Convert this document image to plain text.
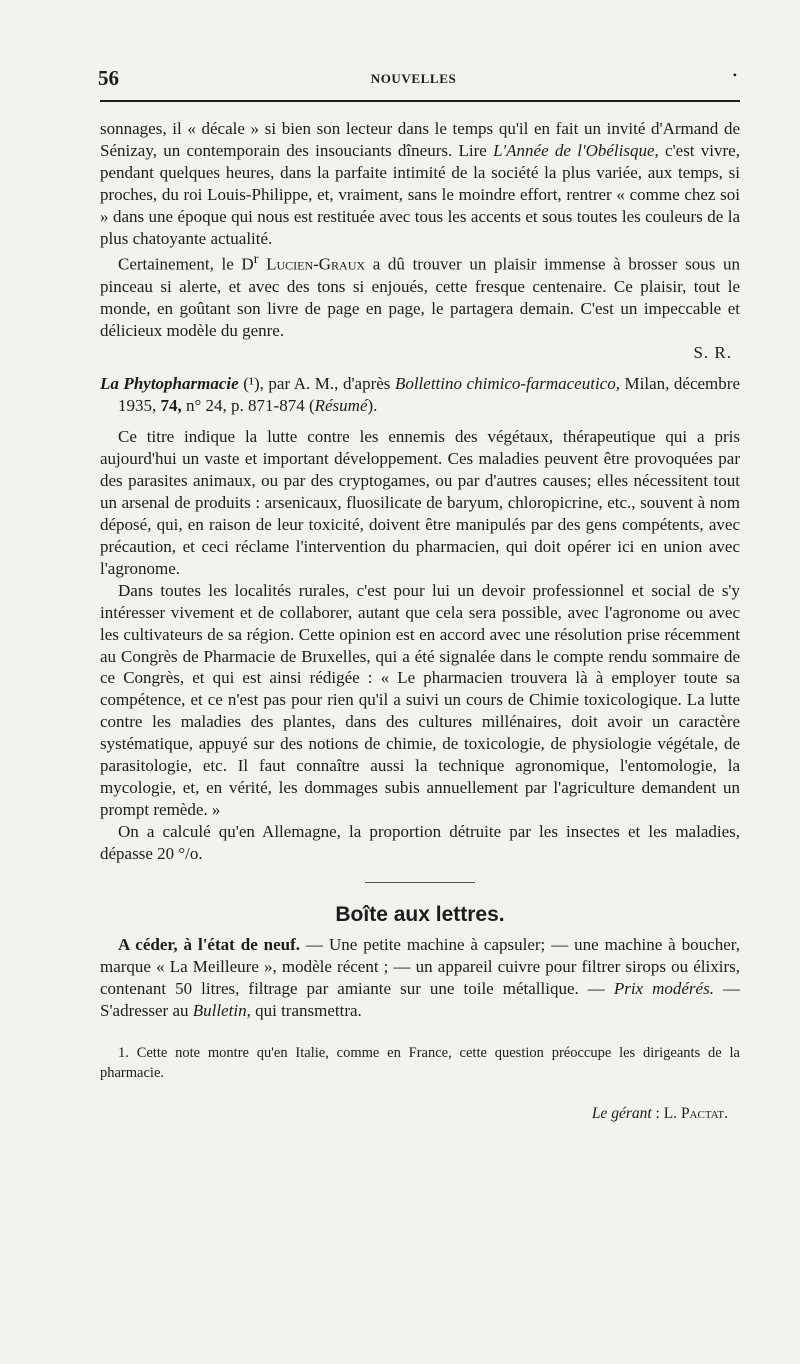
56	NOUVELLES	•

sonnages, il « décale » si bien son lecteur dans le temps qu'il en fait un invité d'Armand de Sénizay, un contemporain des insouciants dîneurs. Lire L'Année de l'Obélisque, c'est vivre, pendant quelques heures, dans la parfaite intimité de la société la plus variée, aux temps, si proches, du roi Louis-Philippe, et, vraiment, sans le moindre effort, rentrer « comme chez soi » dans une époque qui nous est restituée avec tous les accents et sous toutes les couleurs de la plus chatoyante actualité.

Certainement, le $D^r$ Lucien-Graux a dû trouver un plaisir immense à brosser sous un pinceau si alerte, et avec des tons si enjoués, cette fresque centenaire. Ce plaisir, tout le monde, en goûtant son livre de page en page, le partagera demain. C'est un impeccable et délicieux modèle du genre.

S. R.

La Phytopharmacie (¹), par A. M., d'après Bollettino chimico-farmaceutico, Milan, décembre 1935, 74, n° 24, p. 871-874 (Résumé).

Ce titre indique la lutte contre les ennemis des végétaux, thérapeutique qui a pris aujourd'hui un vaste et important développement. Ces maladies peuvent être provoquées par des parasites animaux, ou par des cryptogames, ou par d'autres causes; elles nécessitent tout un arsenal de produits : arsenicaux, fluosilicate de baryum, chloropicrine, etc., souvent à nom déposé, qui, en raison de leur toxicité, doivent être manipulés par des gens compétents, avec précaution, et ceci réclame l'intervention du pharmacien, qui doit opérer ici en union avec l'agronome.

Dans toutes les localités rurales, c'est pour lui un devoir professionnel et social de s'y intéresser vivement et de collaborer, autant que cela sera possible, avec l'agronome ou avec les cultivateurs de sa région. Cette opinion est en accord avec une résolution prise récemment au Congrès de Pharmacie de Bruxelles, qui a été signalée dans le compte rendu sommaire de ce Congrès, et qui est ainsi rédigée : « Le pharmacien trouvera là à employer toute sa compétence, et ce n'est pas pour rien qu'il a suivi un cours de Chimie toxicologique. La lutte contre les maladies des plantes, dans des cultures millénaires, doit avoir un caractère systématique, appuyé sur des notions de chimie, de toxicologie, de physiologie végétale, de parasitologie, etc. Il faut connaître aussi la technique agronomique, l'entomologie, la mycologie, et, en vérité, les dommages subis annuellement par l'agriculture demandent un prompt remède. »

On a calculé qu'en Allemagne, la proportion détruite par les insectes et les maladies, dépasse 20 °/o.

Boîte aux lettres.

A céder, à l'état de neuf. — Une petite machine à capsuler; — une machine à boucher, marque « La Meilleure », modèle récent ; — un appareil cuivre pour filtrer sirops ou élixirs, contenant 50 litres, filtrage par amiante sur une toile métallique. — Prix modérés. — S'adresser au Bulletin, qui transmettra.

1. Cette note montre qu'en Italie, comme en France, cette question préoccupe les dirigeants de la pharmacie.

Le gérant : L. Pactat.
